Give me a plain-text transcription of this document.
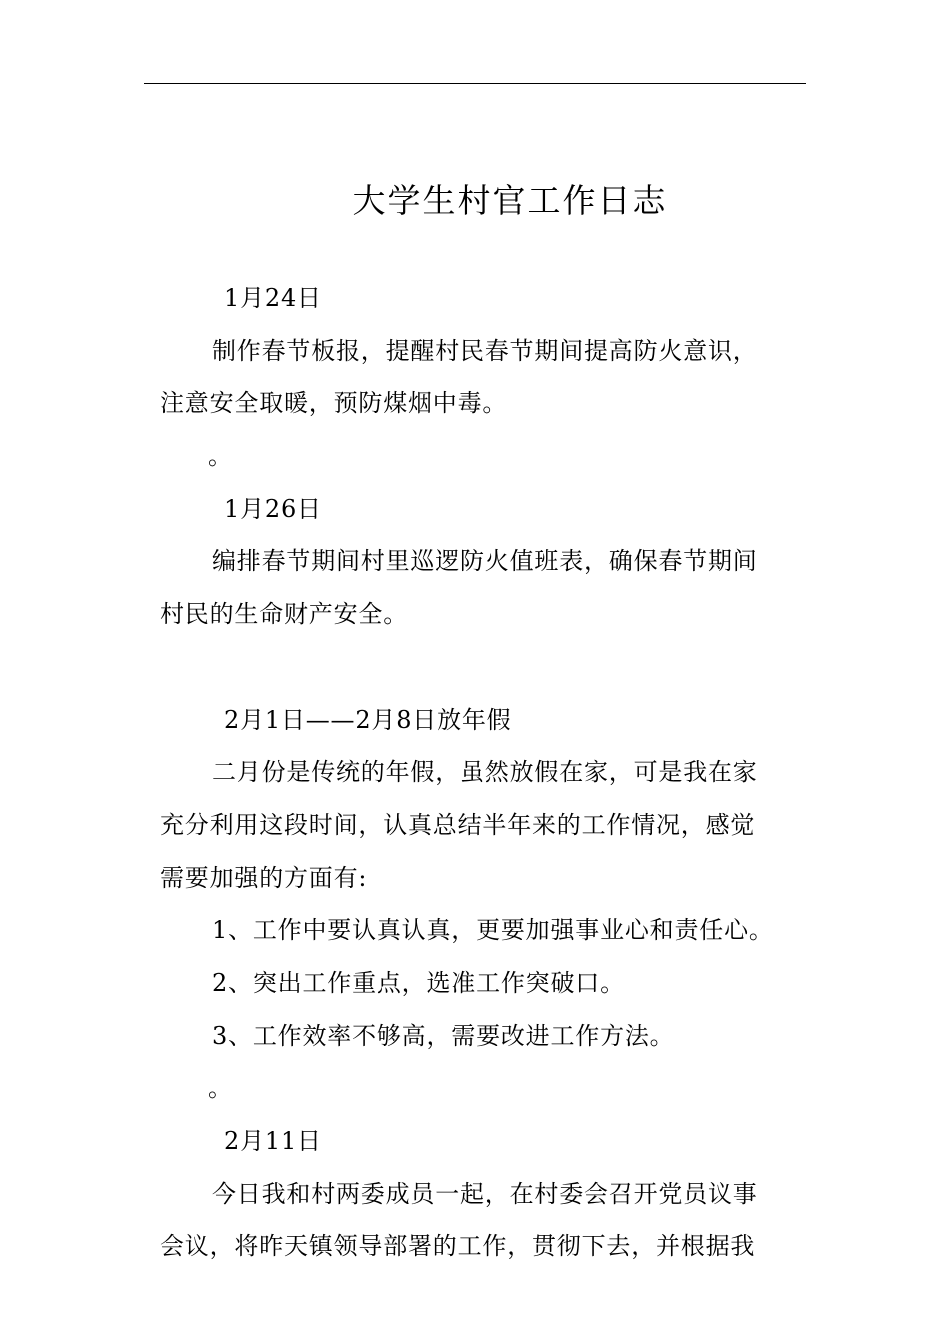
大学生村官工作日志
1月24日
制作春节板报，提醒村民春节期间提高防火意识，
注意安全取暖，预防煤烟中毒。
。
1月26日
编排春节期间村里巡逻防火值班表，确保春节期间
村民的生命财产安全。
2月1日——2月8日放年假
二月份是传统的年假，虽然放假在家，可是我在家
充分利用这段时间，认真总结半年来的工作情况，感觉
需要加强的方面有:
1、工作中要认真认真，更要加强事业心和责任心。
2、突出工作重点，选准工作突破口。
3、工作效率不够高，需要改进工作方法。
。
2月11日
今日我和村两委成员一起，在村委会召开党员议事
会议，将昨天镇领导部署的工作，贯彻下去，并根据我
